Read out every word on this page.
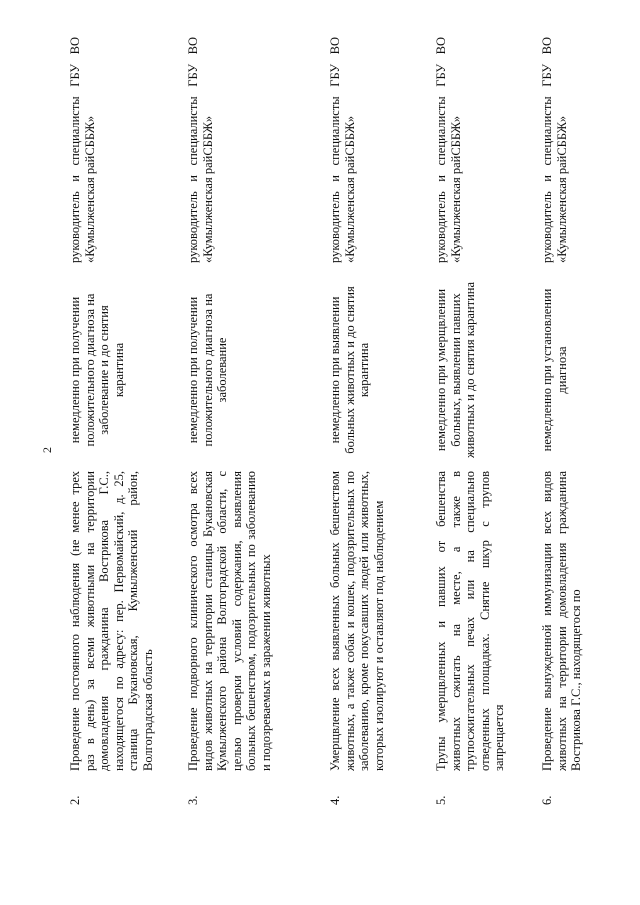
2
2.
Проведение постоянного наблюдения (не менее трех раз в день) за всеми животными на территории домовладения гражданина Вострикова Г.С., находящегося по адресу: пер. Первомайский, д. 25, станица Букановская, Кумылженский район, Волгоградская область
немедленно при получении положительного диагноза на заболевание и до снятия карантина
руководитель и специалисты ГБУ ВО «Кумылженская райСББЖ»
3.
Проведение подворного клинического осмотра всех видов животных на территории станицы Букановская Кумылженского района Волгоградской области, с целью проверки условий содержания, выявления больных бешенством, подозрительных по заболеванию и подозреваемых в заражении животных
немедленно при получении положительного диагноза на заболевание
руководитель и специалисты ГБУ ВО «Кумылженская райСББЖ»
4.
Умерщвление всех выявленных больных бешенством животных, а также собак и кошек, подозрительных по заболеванию, кроме покусавших людей или животных, которых изолируют и оставляют под наблюдением
немедленно при выявлении больных животных и до снятия карантина
руководитель и специалисты ГБУ ВО «Кумылженская райСББЖ»
5.
Трупы умерщвленных и павших от бешенства животных сжигать на месте, а также в трупосжигательных печах или на специально отведенных площадках. Снятие шкур с трупов запрещается
немедленно при умерщвлении больных, выявлении павших животных и до снятия карантина
руководитель и специалисты ГБУ ВО «Кумылженская райСББЖ»
6.
Проведение вынужденной иммунизации всех видов животных на территории домовладения гражданина Вострикова Г.С., находящегося по
немедленно при установлении диагноза
руководитель и специалисты ГБУ ВО «Кумылженская райСББЖ»
